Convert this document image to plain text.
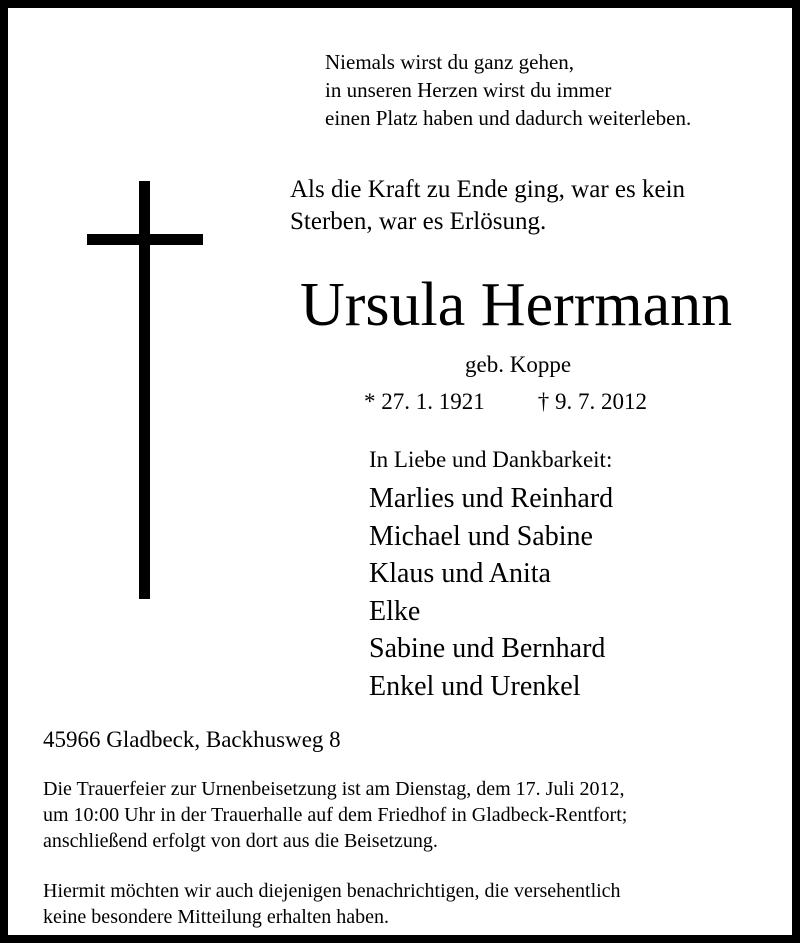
Niemals wirst du ganz gehen,
in unseren Herzen wirst du immer
einen Platz haben und dadurch weiterleben.
Als die Kraft zu Ende ging, war es kein
Sterben, war es Erlösung.
Ursula Herrmann
geb. Koppe
* 27. 1. 1921 † 9. 7. 2012
In Liebe und Dankbarkeit:
Marlies und Reinhard
Michael und Sabine
Klaus und Anita
Elke
Sabine und Bernhard
Enkel und Urenkel
45966 Gladbeck, Backhusweg 8
Die Trauerfeier zur Urnenbeisetzung ist am Dienstag, dem 17. Juli 2012,
um 10:00 Uhr in der Trauerhalle auf dem Friedhof in Gladbeck-Rentfort;
anschließend erfolgt von dort aus die Beisetzung.
Hiermit möchten wir auch diejenigen benachrichtigen, die versehentlich
keine besondere Mitteilung erhalten haben.
